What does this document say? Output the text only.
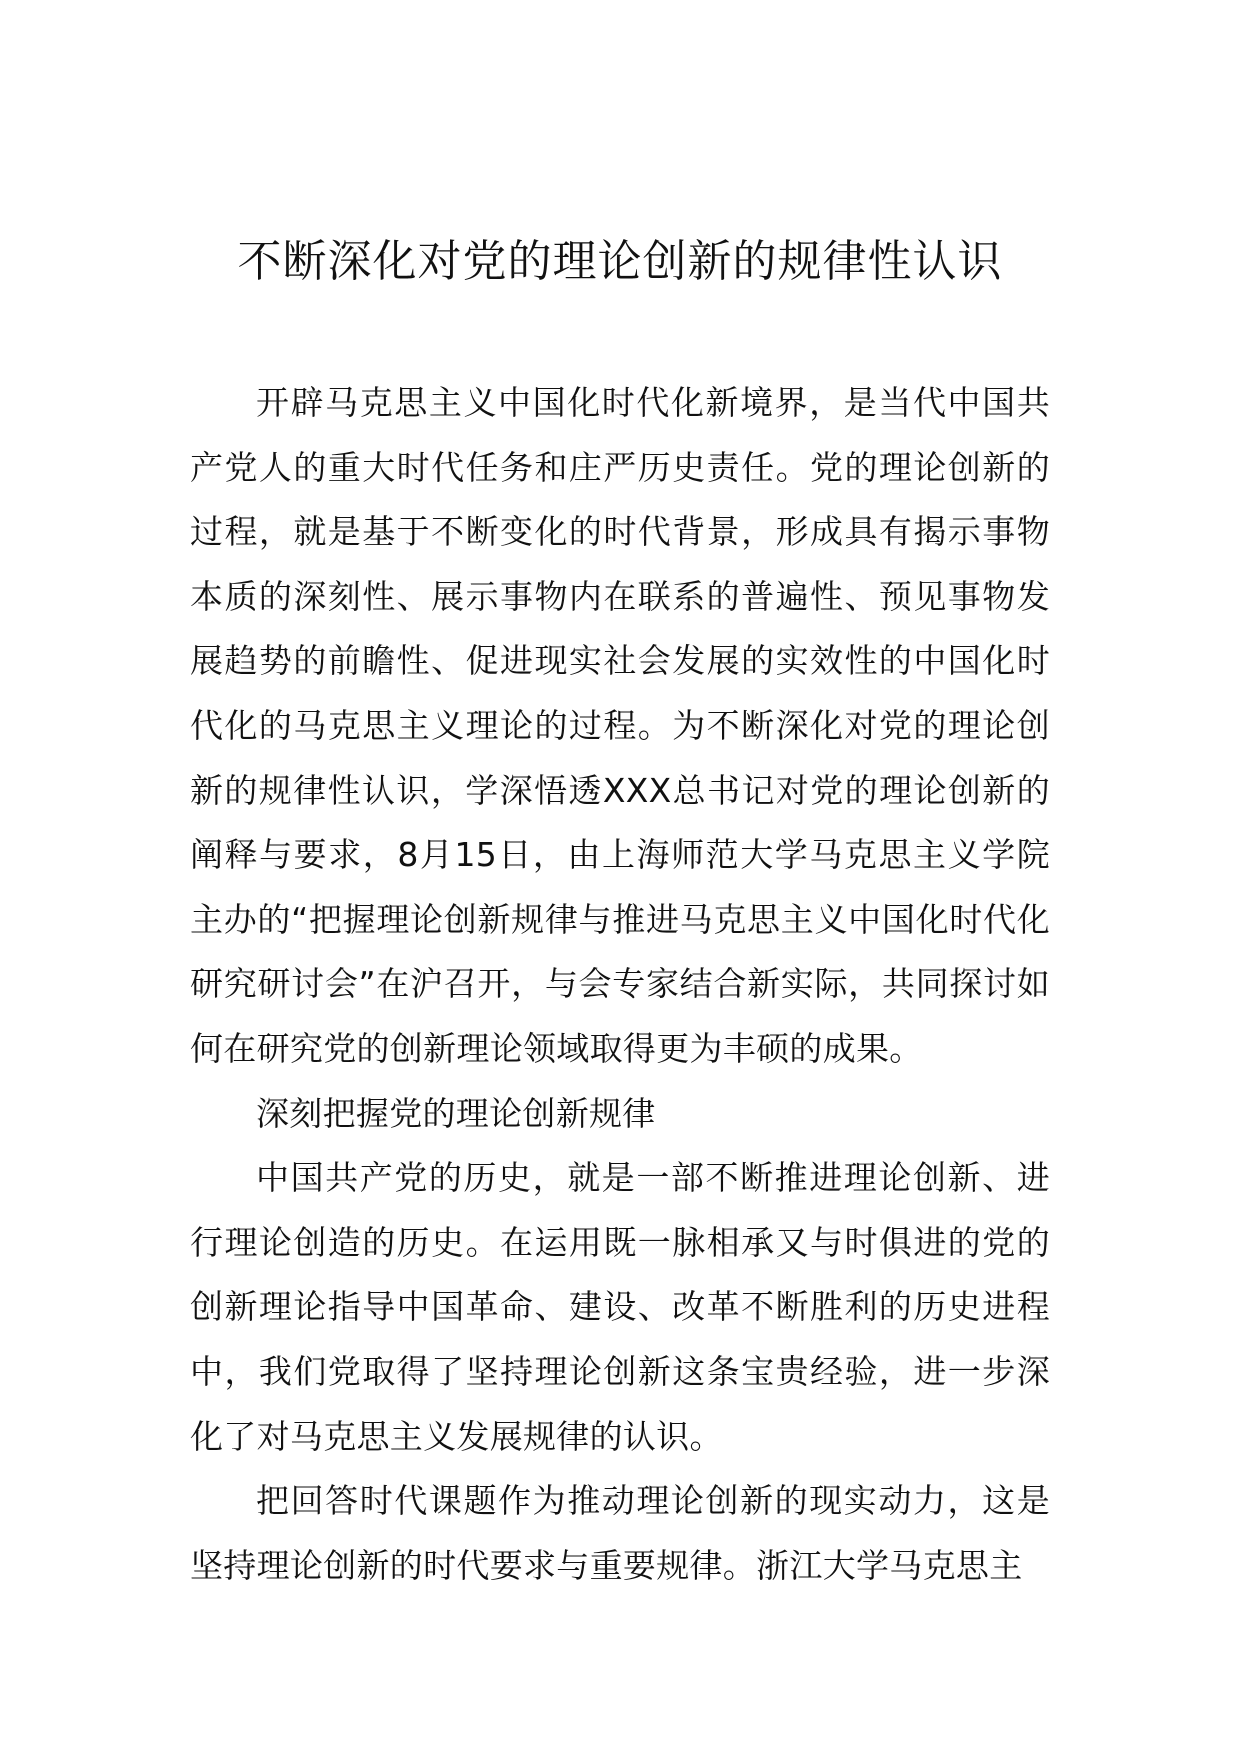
不断深化对党的理论创新的规律性认识

开辟马克思主义中国化时代化新境界，是当代中国共产党人的重大时代任务和庄严历史责任。党的理论创新的过程，就是基于不断变化的时代背景，形成具有揭示事物本质的深刻性、展示事物内在联系的普遍性、预见事物发展趋势的前瞻性、促进现实社会发展的实效性的中国化时代化的马克思主义理论的过程。为不断深化对党的理论创新的规律性认识，学深悟透XXX总书记对党的理论创新的阐释与要求，8月15日，由上海师范大学马克思主义学院主办的“把握理论创新规律与推进马克思主义中国化时代化研究研讨会”在沪召开，与会专家结合新实际，共同探讨如何在研究党的创新理论领域取得更为丰硕的成果。

深刻把握党的理论创新规律

中国共产党的历史，就是一部不断推进理论创新、进行理论创造的历史。在运用既一脉相承又与时俱进的党的创新理论指导中国革命、建设、改革不断胜利的历史进程中，我们党取得了坚持理论创新这条宝贵经验，进一步深化了对马克思主义发展规律的认识。

把回答时代课题作为推动理论创新的现实动力，这是坚持理论创新的时代要求与重要规律。浙江大学马克思主
